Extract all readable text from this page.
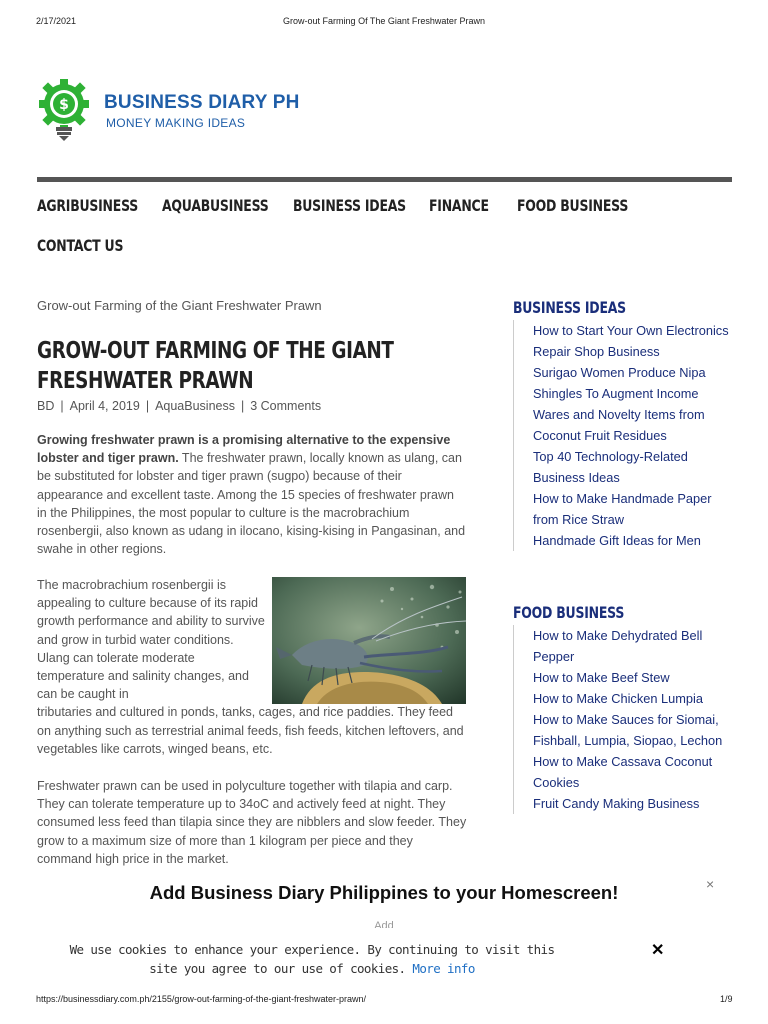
2/17/2021	Grow-out Farming Of The Giant Freshwater Prawn
$ BUSINESS DIARY PH
MONEY MAKING IDEAS
AGRIBUSINESS AQUABUSINESS BUSINESS IDEAS FINANCE FOOD BUSINESS
CONTACT US
Grow-out Farming of the Giant Freshwater Prawn
GROW-OUT FARMING OF THE GIANT FRESHWATER PRAWN
BD | April 4, 2019 | AquaBusiness | 3 Comments

Growing freshwater prawn is a promising alternative to the expensive lobster and tiger prawn. The freshwater prawn, locally known as ulang, can be substituted for lobster and tiger prawn (sugpo) because of their appearance and excellent taste. Among the 15 species of freshwater prawn in the Philippines, the most popular to culture is the macrobrachium rosenbergii, also known as udang in ilocano, kising-kising in Pangasinan, and swahe in other regions.

The macrobrachium rosenbergii is appealing to culture because of its rapid growth performance and ability to survive and grow in turbid water conditions. Ulang can tolerate moderate temperature and salinity changes, and can be caught in
tributaries and cultured in ponds, tanks, cages, and rice paddies. They feed on anything such as terrestrial animal feeds, fish feeds, kitchen leftovers, and vegetables like carrots, winged beans, etc.

Freshwater prawn can be used in polyculture together with tilapia and carp. They can tolerate temperature up to 34oC and actively feed at night. They consumed less feed than tilapia since they are nibblers and slow feeder. They grow to a maximum size of more than 1 kilogram per piece and they command high price in the market.

BUSINESS IDEAS
How to Start Your Own Electronics Repair Shop Business
Surigao Women Produce Nipa Shingles To Augment Income
Wares and Novelty Items from Coconut Fruit Residues
Top 40 Technology-Related Business Ideas
How to Make Handmade Paper from Rice Straw
Handmade Gift Ideas for Men
FOOD BUSINESS
How to Make Dehydrated Bell Pepper
How to Make Beef Stew
How to Make Chicken Lumpia
How to Make Sauces for Siomai, Fishball, Lumpia, Siopao, Lechon
How to Make Cassava Coconut Cookies
Fruit Candy Making Business
×
Add Business Diary Philippines to your Homescreen!
Add
We use cookies to enhance your experience. By continuing to visit this site you agree to our use of cookies. More info
✕
https://businessdiary.com.ph/2155/grow-out-farming-of-the-giant-freshwater-prawn/	1/9
